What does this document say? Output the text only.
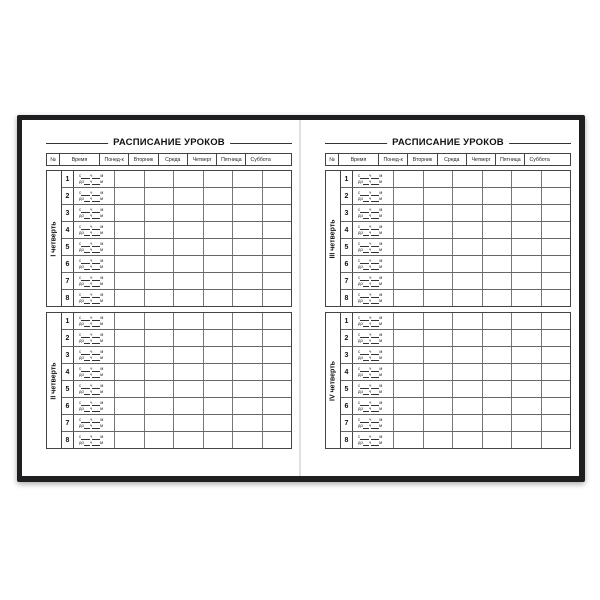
РАСПИСАНИЕ УРОКОВ
№	Время	Понед-к	Вторник	Среда	Четверг	Пятница	Суббота
I четверть
1	с ч м
до ч м
2	с ч м
до ч м
3	с ч м
до ч м
4	с ч м
до ч м
5	с ч м
до ч м
6	с ч м
до ч м
7	с ч м
до ч м
8	с ч м
до ч м
II четверть
1	с ч м
до ч м
2	с ч м
до ч м
3	с ч м
до ч м
4	с ч м
до ч м
5	с ч м
до ч м
6	с ч м
до ч м
7	с ч м
до ч м
8	с ч м
до ч м
РАСПИСАНИЕ УРОКОВ
№	Время	Понед-к	Вторник	Среда	Четверг	Пятница	Суббота
III четверть
1	с ч м
до ч м
2	с ч м
до ч м
3	с ч м
до ч м
4	с ч м
до ч м
5	с ч м
до ч м
6	с ч м
до ч м
7	с ч м
до ч м
8	с ч м
до ч м
IV четверть
1	с ч м
до ч м
2	с ч м
до ч м
3	с ч м
до ч м
4	с ч м
до ч м
5	с ч м
до ч м
6	с ч м
до ч м
7	с ч м
до ч м
8	с ч м
до ч м
